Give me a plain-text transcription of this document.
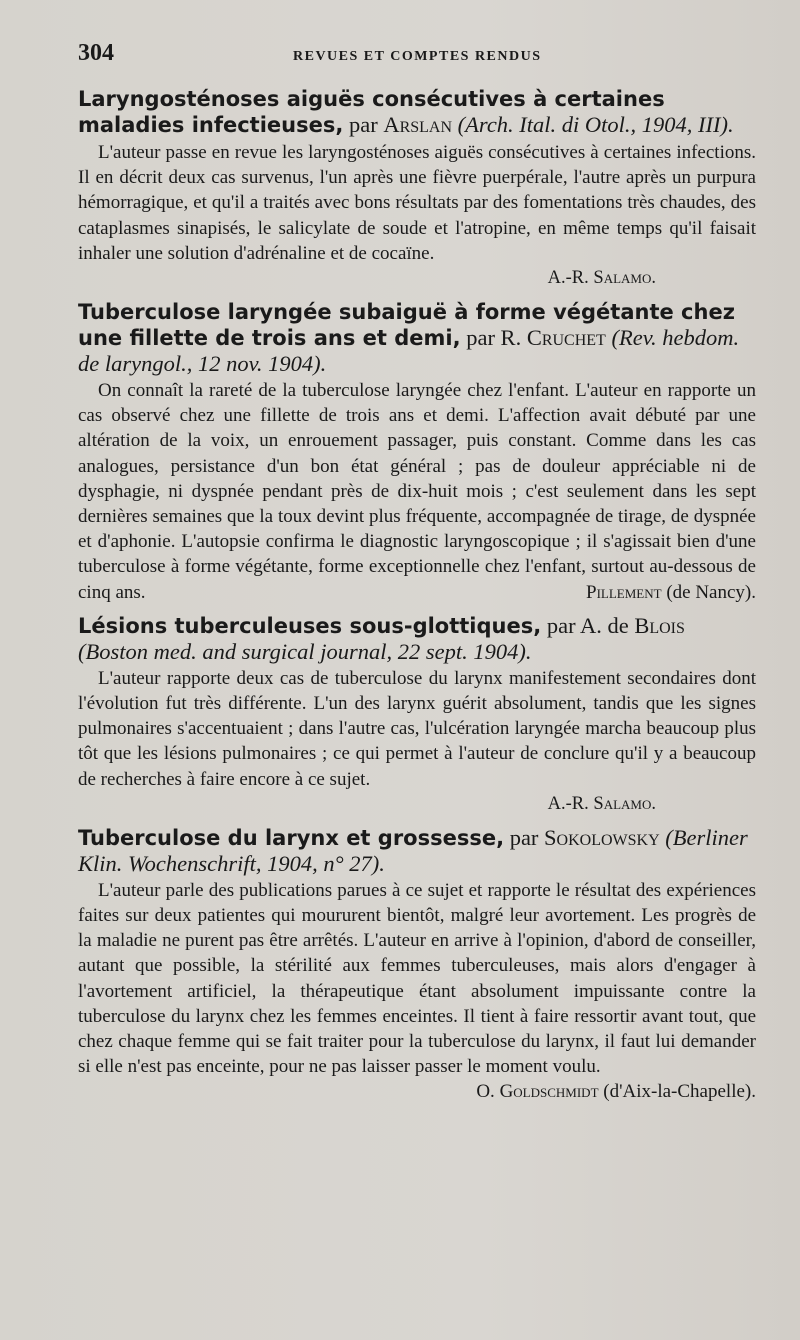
304	REVUES ET COMPTES RENDUS
Laryngosténoses aiguës consécutives à certaines maladies infectieuses, par Arslan (Arch. Ital. di Otol., 1904, III).

L'auteur passe en revue les laryngosténoses aiguës consécutives à certaines infections. Il en décrit deux cas survenus, l'un après une fièvre puerpérale, l'autre après un purpura hémorragique, et qu'il a traités avec bons résultats par des fomentations très chaudes, des cataplasmes sinapisés, le salicylate de soude et l'atropine, en même temps qu'il faisait inhaler une solution d'adrénaline et de cocaïne.

A.-R. Salamo.
Tuberculose laryngée subaiguë à forme végétante chez une fillette de trois ans et demi, par R. Cruchet (Rev. hebdom. de laryngol., 12 nov. 1904).

On connaît la rareté de la tuberculose laryngée chez l'enfant. L'auteur en rapporte un cas observé chez une fillette de trois ans et demi. L'affection avait débuté par une altération de la voix, un enrouement passager, puis constant. Comme dans les cas analogues, persistance d'un bon état général ; pas de douleur appréciable ni de dysphagie, ni dyspnée pendant près de dix-huit mois ; c'est seulement dans les sept dernières semaines que la toux devint plus fréquente, accompagnée de tirage, de dyspnée et d'aphonie. L'autopsie confirma le diagnostic laryngoscopique ; il s'agissait bien d'une tuberculose à forme végétante, forme exceptionnelle chez l'enfant, surtout au-dessous de cinq ans.	Pillement (de Nancy).

Lésions tuberculeuses sous-glottiques, par A. de Blois (Boston med. and surgical journal, 22 sept. 1904).

L'auteur rapporte deux cas de tuberculose du larynx manifestement secondaires dont l'évolution fut très différente. L'un des larynx guérit absolument, tandis que les signes pulmonaires s'accentuaient ; dans l'autre cas, l'ulcération laryngée marcha beaucoup plus tôt que les lésions pulmonaires ; ce qui permet à l'auteur de conclure qu'il y a beaucoup de recherches à faire encore à ce sujet.

A.-R. Salamo.
Tuberculose du larynx et grossesse, par Sokolowsky (Berliner Klin. Wochenschrift, 1904, n° 27).

L'auteur parle des publications parues à ce sujet et rapporte le résultat des expériences faites sur deux patientes qui moururent bientôt, malgré leur avortement. Les progrès de la maladie ne purent pas être arrêtés. L'auteur en arrive à l'opinion, d'abord de conseiller, autant que possible, la stérilité aux femmes tuberculeuses, mais alors d'engager à l'avortement artificiel, la thérapeutique étant absolument impuissante contre la tuberculose du larynx chez les femmes enceintes. Il tient à faire ressortir avant tout, que chez chaque femme qui se fait traiter pour la tuberculose du larynx, il faut lui demander si elle n'est pas enceinte, pour ne pas laisser passer le moment voulu.
O. Goldschmidt (d'Aix-la-Chapelle).
